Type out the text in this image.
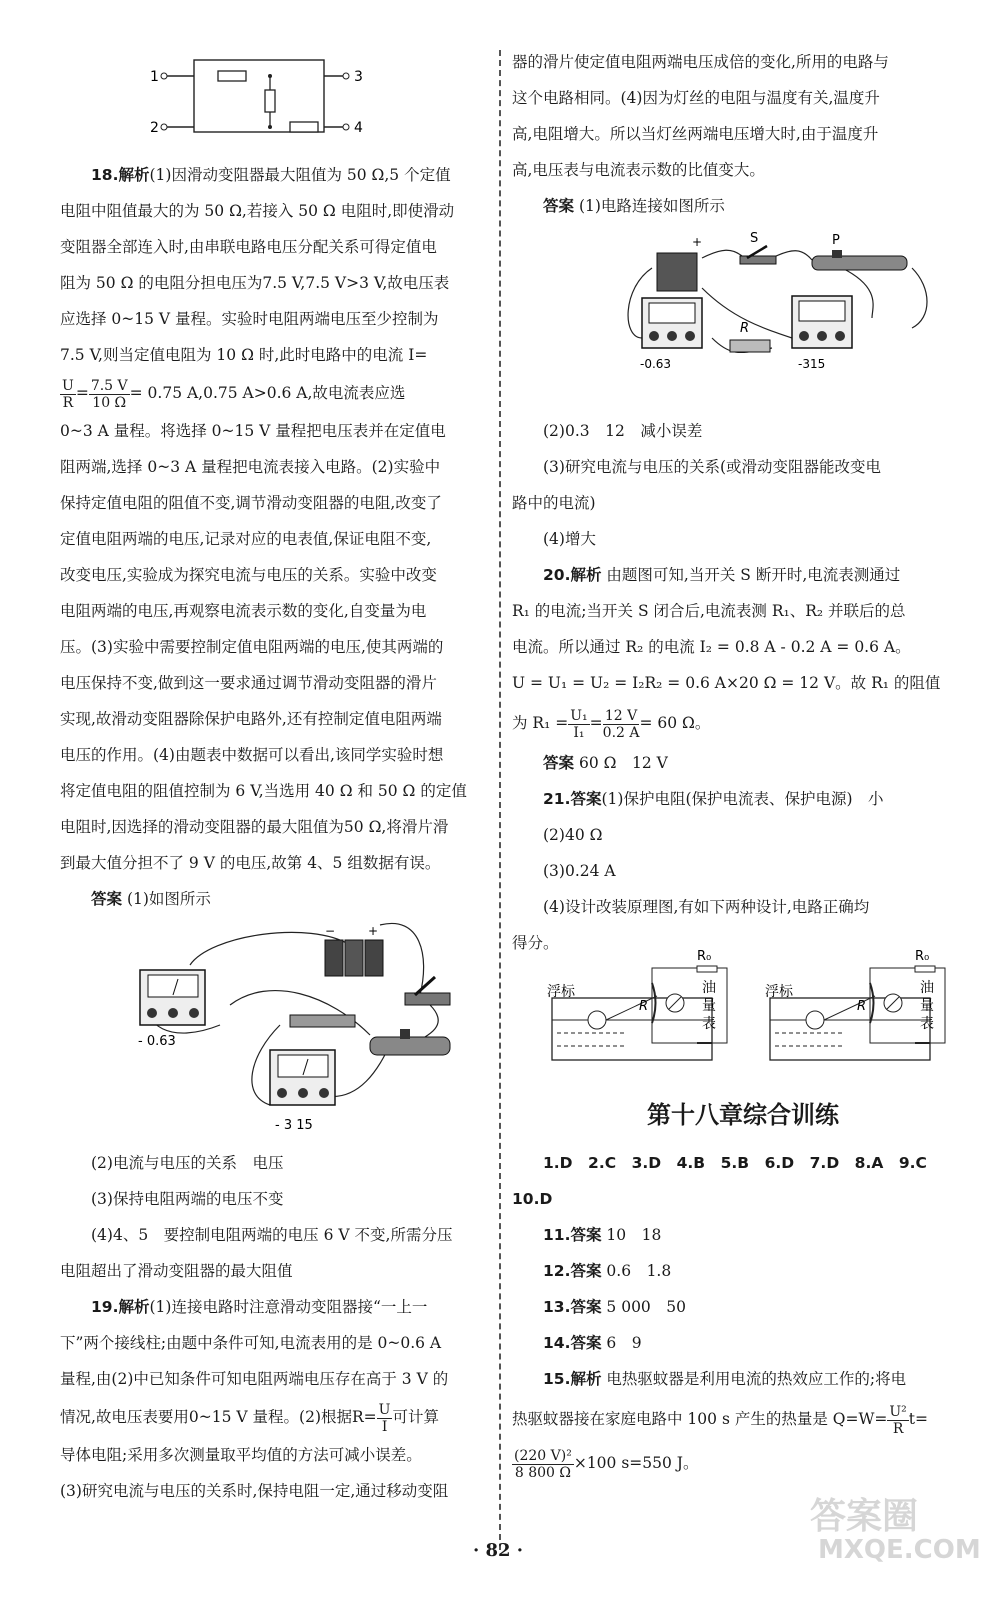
1
2
3
4

18.解析(1)因滑动变阻器最大阻值为 50 Ω,5 个定值

电阻中阻值最大的为 50 Ω,若接入 50 Ω 电阻时,即使滑动

变阻器全部连入时,由串联电路电压分配关系可得定值电

阻为 50 Ω 的电阻分担电压为7.5 V,7.5 V>3 V,故电压表

应选择 0~15 V 量程。实验时电阻两端电压至少控制为

7.5 V,则当定值电阻为 10 Ω 时,此时电路中的电流 I=

$\frac{U}{R} = \frac{7.5 V}{10 \Omega} = 0.75$ A,0.75 A>0.6 A,故电流表应选

0~3 A 量程。将选择 0~15 V 量程把电压表并在定值电

阻两端,选择 0~3 A 量程把电流表接入电路。(2)实验中

保持定值电阻的阻值不变,调节滑动变阻器的电阻,改变了

定值电阻两端的电压,记录对应的电表值,保证电阻不变,

改变电压,实验成为探究电流与电压的关系。实验中改变

电阻两端的电压,再观察电流表示数的变化,自变量为电

压。(3)实验中需要控制定值电阻两端的电压,使其两端的

电压保持不变,做到这一要求通过调节滑动变阻器的滑片

实现,故滑动变阻器除保护电路外,还有控制定值电阻两端

电压的作用。(4)由题表中数据可以看出,该同学实验时想

将定值电阻的阻值控制为 6 V,当选用 40 Ω 和 50 Ω 的定值

电阻时,因选择的滑动变阻器的最大阻值为50 Ω,将滑片滑

到最大值分担不了 9 V 的电压,故第 4、5 组数据有误。

答案 (1)如图所示

−	+
- 0.63
- 3 15

(2)电流与电压的关系　电压

(3)保持电阻两端的电压不变

(4)4、5　要控制电阻两端的电压 6 V 不变,所需分压

电阻超出了滑动变阻器的最大阻值

19.解析(1)连接电路时注意滑动变阻器接“一上一

下”两个接线柱;由题中条件可知,电流表用的是 0~0.6 A

量程,由(2)中已知条件可知电阻两端电压存在高于 3 V 的

情况,故电压表要用0~15 V 量程。(2)根据$R= \frac{U}{I}$ 可计算

导体电阻;采用多次测量取平均值的方法可减小误差。

(3)研究电流与电压的关系时,保持电阻一定,通过移动变阻

器的滑片使定值电阻两端电压成倍的变化,所用的电路与

这个电路相同。(4)因为灯丝的电阻与温度有关,温度升

高,电阻增大。所以当灯丝两端电压增大时,由于温度升

高,电压表与电流表示数的比值变大。

答案 (1)电路连接如图所示

+	S	P
-0.63
R
-315

(2)0.3　12　减小误差

(3)研究电流与电压的关系(或滑动变阻器能改变电

路中的电流)

(4)增大

20.解析 由题图可知,当开关 S 断开时,电流表测通过

R₁ 的电流;当开关 S 闭合后,电流表测 R₁、R₂ 并联后的总

电流。所以通过 R₂ 的电流 I₂ = 0.8 A - 0.2 A = 0.6 A。

U = U₁ = U₂ = I₂R₂ = 0.6 A×20 Ω = 12 V。故 R₁ 的阻值

为 $R_1 = \frac{\text{U₁}}{\text{I₁}} = \frac{12 V}{0.2 A} = 60$ Ω。

答案 60 Ω　12 V

21.答案(1)保护电阻(保护电流表、保护电源)　小

(2)40 Ω

(3)0.24 A

(4)设计改装原理图,有如下两种设计,电路正确均

得分。

浮标
R₀
R
油
量
表
浮标
R₀
R
油
量
表
第十八章综合训练

1.D　2.C　3.D　4.B　5.B　6.D　7.D　8.A　9.C

10.D

11.答案 10　18

12.答案 0.6　1.8

13.答案 5 000　50

14.答案 6　9

15.解析 电热驱蚊器是利用电流的热效应工作的;将电

热驱蚊器接在家庭电路中 100 s 产生的热量是 $Q=W= \frac{\text{U²}}{R} t=$

$\frac{\text{(220 V)²}}{8 800 \Omega} \times 100$ s=550 J。

· 82 ·
答案圈
MXQE.COM
